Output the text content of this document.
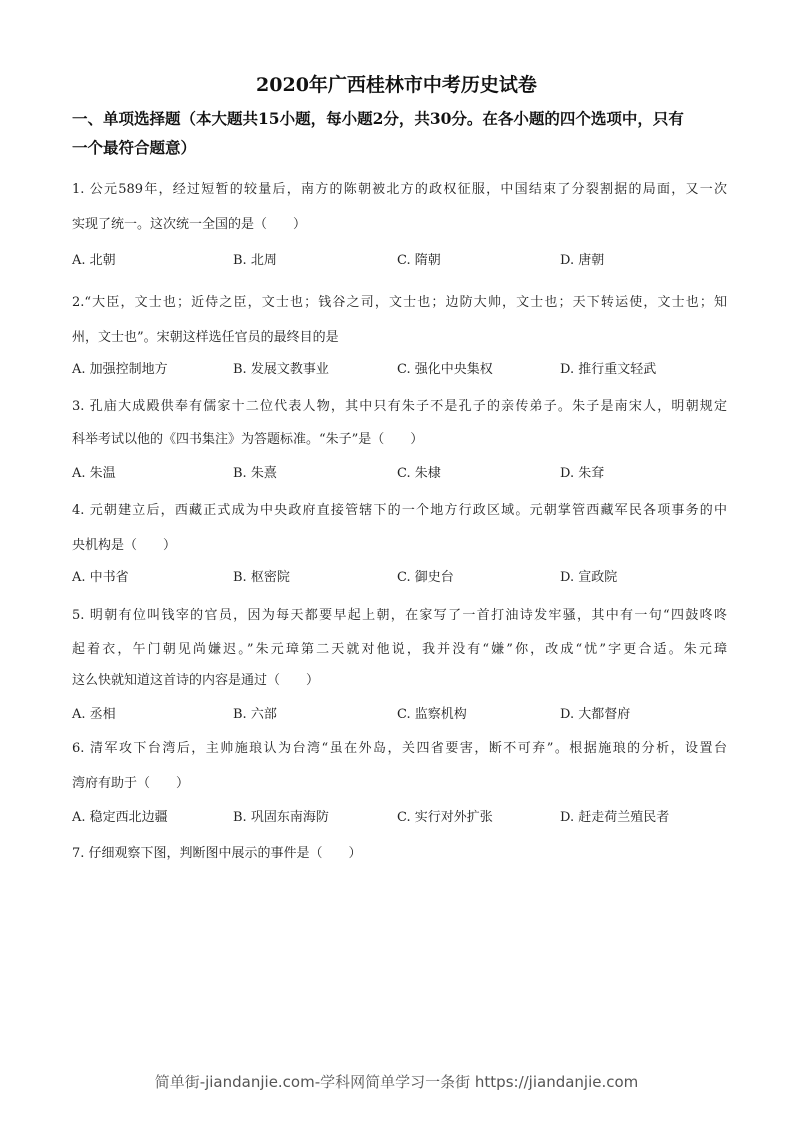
2020年广西桂林市中考历史试卷
一、单项选择题（本大题共15小题，每小题2分，共30分。在各小题的四个选项中，只有
一个最符合题意）
1. 公元589年，经过短暂的较量后，南方的陈朝被北方的政权征服，中国结束了分裂割据的局面，又一次
实现了统一。这次统一全国的是（　　）
A. 北朝	B. 北周	C. 隋朝	D. 唐朝
2.“大臣，文士也；近侍之臣，文士也；钱谷之司，文士也；边防大帅，文士也；天下转运使，文士也；知
州，文士也”。宋朝这样选任官员的最终目的是
A. 加强控制地方	B. 发展文教事业	C. 强化中央集权	D. 推行重文轻武
3. 孔庙大成殿供奉有儒家十二位代表人物，其中只有朱子不是孔子的亲传弟子。朱子是南宋人，明朝规定
科举考试以他的《四书集注》为答题标准。“朱子”是（　　）
A. 朱温	B. 朱熹	C. 朱棣	D. 朱耷
4. 元朝建立后，西藏正式成为中央政府直接管辖下的一个地方行政区域。元朝掌管西藏军民各项事务的中
央机构是（　　）
A. 中书省	B. 枢密院	C. 御史台	D. 宣政院
5. 明朝有位叫钱宰的官员，因为每天都要早起上朝，在家写了一首打油诗发牢骚，其中有一句“四鼓咚咚
起着衣，午门朝见尚嫌迟。”朱元璋第二天就对他说，我并没有“嫌”你，改成“忧”字更合适。朱元璋
这么快就知道这首诗的内容是通过（　　）
A. 丞相	B. 六部	C. 监察机构	D. 大都督府
6. 清军攻下台湾后，主帅施琅认为台湾“虽在外岛，关四省要害，断不可弃”。根据施琅的分析，设置台
湾府有助于（　　）
A. 稳定西北边疆	B. 巩固东南海防	C. 实行对外扩张	D. 赶走荷兰殖民者
7. 仔细观察下图，判断图中展示的事件是（　　）
简单街-jiandanjie.com-学科网简单学习一条街 https://jiandanjie.com
